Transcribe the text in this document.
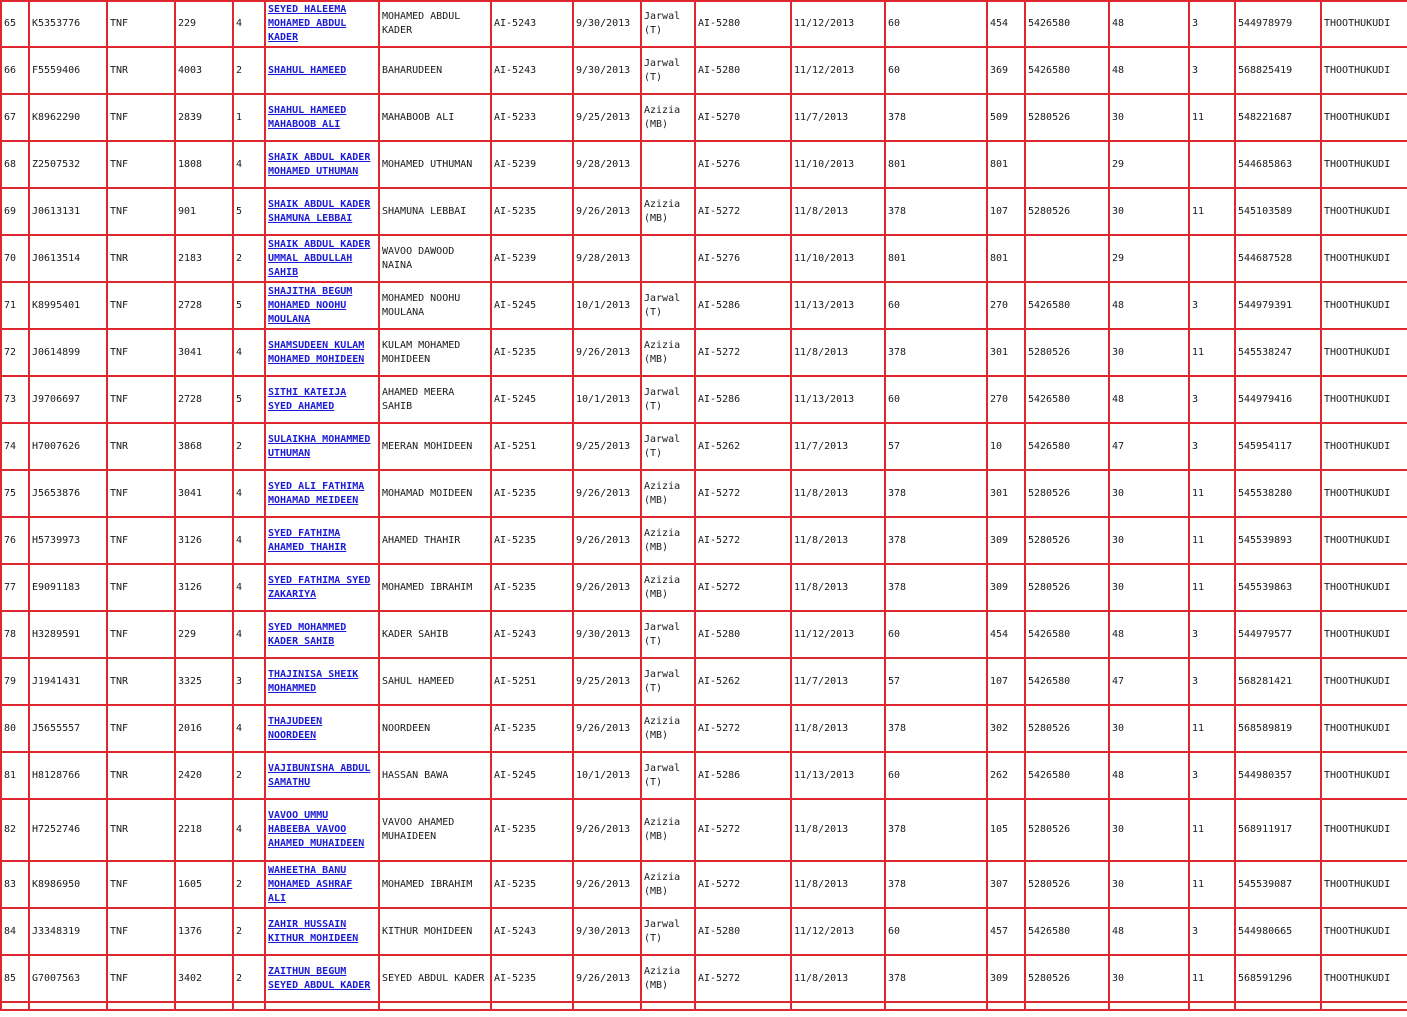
65	K5353776	TNF	229	4	SEYED HALEEMA MOHAMED ABDUL KADER	MOHAMED ABDUL KADER	AI-5243	9/30/2013	Jarwal (T)	AI-5280	11/12/2013	60	454	5426580	48	3	544978979	THOOTHUKUDI
66	F5559406	TNR	4003	2	SHAHUL HAMEED	BAHARUDEEN	AI-5243	9/30/2013	Jarwal (T)	AI-5280	11/12/2013	60	369	5426580	48	3	568825419	THOOTHUKUDI
67	K8962290	TNF	2839	1	SHAHUL HAMEED MAHABOOB ALI	MAHABOOB ALI	AI-5233	9/25/2013	Azizia (MB)	AI-5270	11/7/2013	378	509	5280526	30	11	548221687	THOOTHUKUDI
68	Z2507532	TNF	1808	4	SHAIK ABDUL KADER MOHAMED UTHUMAN	MOHAMED UTHUMAN	AI-5239	9/28/2013		AI-5276	11/10/2013	801	801		29		544685863	THOOTHUKUDI
69	J0613131	TNF	901	5	SHAIK ABDUL KADER SHAMUNA LEBBAI	SHAMUNA LEBBAI	AI-5235	9/26/2013	Azizia (MB)	AI-5272	11/8/2013	378	107	5280526	30	11	545103589	THOOTHUKUDI
70	J0613514	TNR	2183	2	SHAIK ABDUL KADER UMMAL ABDULLAH SAHIB	WAVOO DAWOOD NAINA	AI-5239	9/28/2013		AI-5276	11/10/2013	801	801		29		544687528	THOOTHUKUDI
71	K8995401	TNF	2728	5	SHAJITHA BEGUM MOHAMED NOOHU MOULANA	MOHAMED NOOHU MOULANA	AI-5245	10/1/2013	Jarwal (T)	AI-5286	11/13/2013	60	270	5426580	48	3	544979391	THOOTHUKUDI
72	J0614899	TNF	3041	4	SHAMSUDEEN KULAM MOHAMED MOHIDEEN	KULAM MOHAMED MOHIDEEN	AI-5235	9/26/2013	Azizia (MB)	AI-5272	11/8/2013	378	301	5280526	30	11	545538247	THOOTHUKUDI
73	J9706697	TNF	2728	5	SITHI KATEIJA SYED AHAMED	AHAMED MEERA SAHIB	AI-5245	10/1/2013	Jarwal (T)	AI-5286	11/13/2013	60	270	5426580	48	3	544979416	THOOTHUKUDI
74	H7007626	TNR	3868	2	SULAIKHA MOHAMMED UTHUMAN	MEERAN MOHIDEEN	AI-5251	9/25/2013	Jarwal (T)	AI-5262	11/7/2013	57	10	5426580	47	3	545954117	THOOTHUKUDI
75	J5653876	TNF	3041	4	SYED ALI FATHIMA MOHAMAD MEIDEEN	MOHAMAD MOIDEEN	AI-5235	9/26/2013	Azizia (MB)	AI-5272	11/8/2013	378	301	5280526	30	11	545538280	THOOTHUKUDI
76	H5739973	TNF	3126	4	SYED FATHIMA AHAMED THAHIR	AHAMED THAHIR	AI-5235	9/26/2013	Azizia (MB)	AI-5272	11/8/2013	378	309	5280526	30	11	545539893	THOOTHUKUDI
77	E9091183	TNF	3126	4	SYED FATHIMA SYED ZAKARIYA	MOHAMED IBRAHIM	AI-5235	9/26/2013	Azizia (MB)	AI-5272	11/8/2013	378	309	5280526	30	11	545539863	THOOTHUKUDI
78	H3289591	TNF	229	4	SYED MOHAMMED KADER SAHIB	KADER SAHIB	AI-5243	9/30/2013	Jarwal (T)	AI-5280	11/12/2013	60	454	5426580	48	3	544979577	THOOTHUKUDI
79	J1941431	TNR	3325	3	THAJINISA SHEIK MOHAMMED	SAHUL HAMEED	AI-5251	9/25/2013	Jarwal (T)	AI-5262	11/7/2013	57	107	5426580	47	3	568281421	THOOTHUKUDI
80	J5655557	TNF	2016	4	THAJUDEEN NOORDEEN	NOORDEEN	AI-5235	9/26/2013	Azizia (MB)	AI-5272	11/8/2013	378	302	5280526	30	11	568589819	THOOTHUKUDI
81	H8128766	TNR	2420	2	VAJIBUNISHA ABDUL SAMATHU	HASSAN BAWA	AI-5245	10/1/2013	Jarwal (T)	AI-5286	11/13/2013	60	262	5426580	48	3	544980357	THOOTHUKUDI
82	H7252746	TNR	2218	4	VAVOO UMMU HABEEBA VAVOO AHAMED MUHAIDEEN	VAVOO AHAMED MUHAIDEEN	AI-5235	9/26/2013	Azizia (MB)	AI-5272	11/8/2013	378	105	5280526	30	11	568911917	THOOTHUKUDI
83	K8986950	TNF	1605	2	WAHEETHA BANU MOHAMED ASHRAF ALI	MOHAMED IBRAHIM	AI-5235	9/26/2013	Azizia (MB)	AI-5272	11/8/2013	378	307	5280526	30	11	545539087	THOOTHUKUDI
84	J3348319	TNF	1376	2	ZAHIR HUSSAIN KITHUR MOHIDEEN	KITHUR MOHIDEEN	AI-5243	9/30/2013	Jarwal (T)	AI-5280	11/12/2013	60	457	5426580	48	3	544980665	THOOTHUKUDI
85	G7007563	TNF	3402	2	ZAITHUN BEGUM SEYED ABDUL KADER	SEYED ABDUL KADER	AI-5235	9/26/2013	Azizia (MB)	AI-5272	11/8/2013	378	309	5280526	30	11	568591296	THOOTHUKUDI
